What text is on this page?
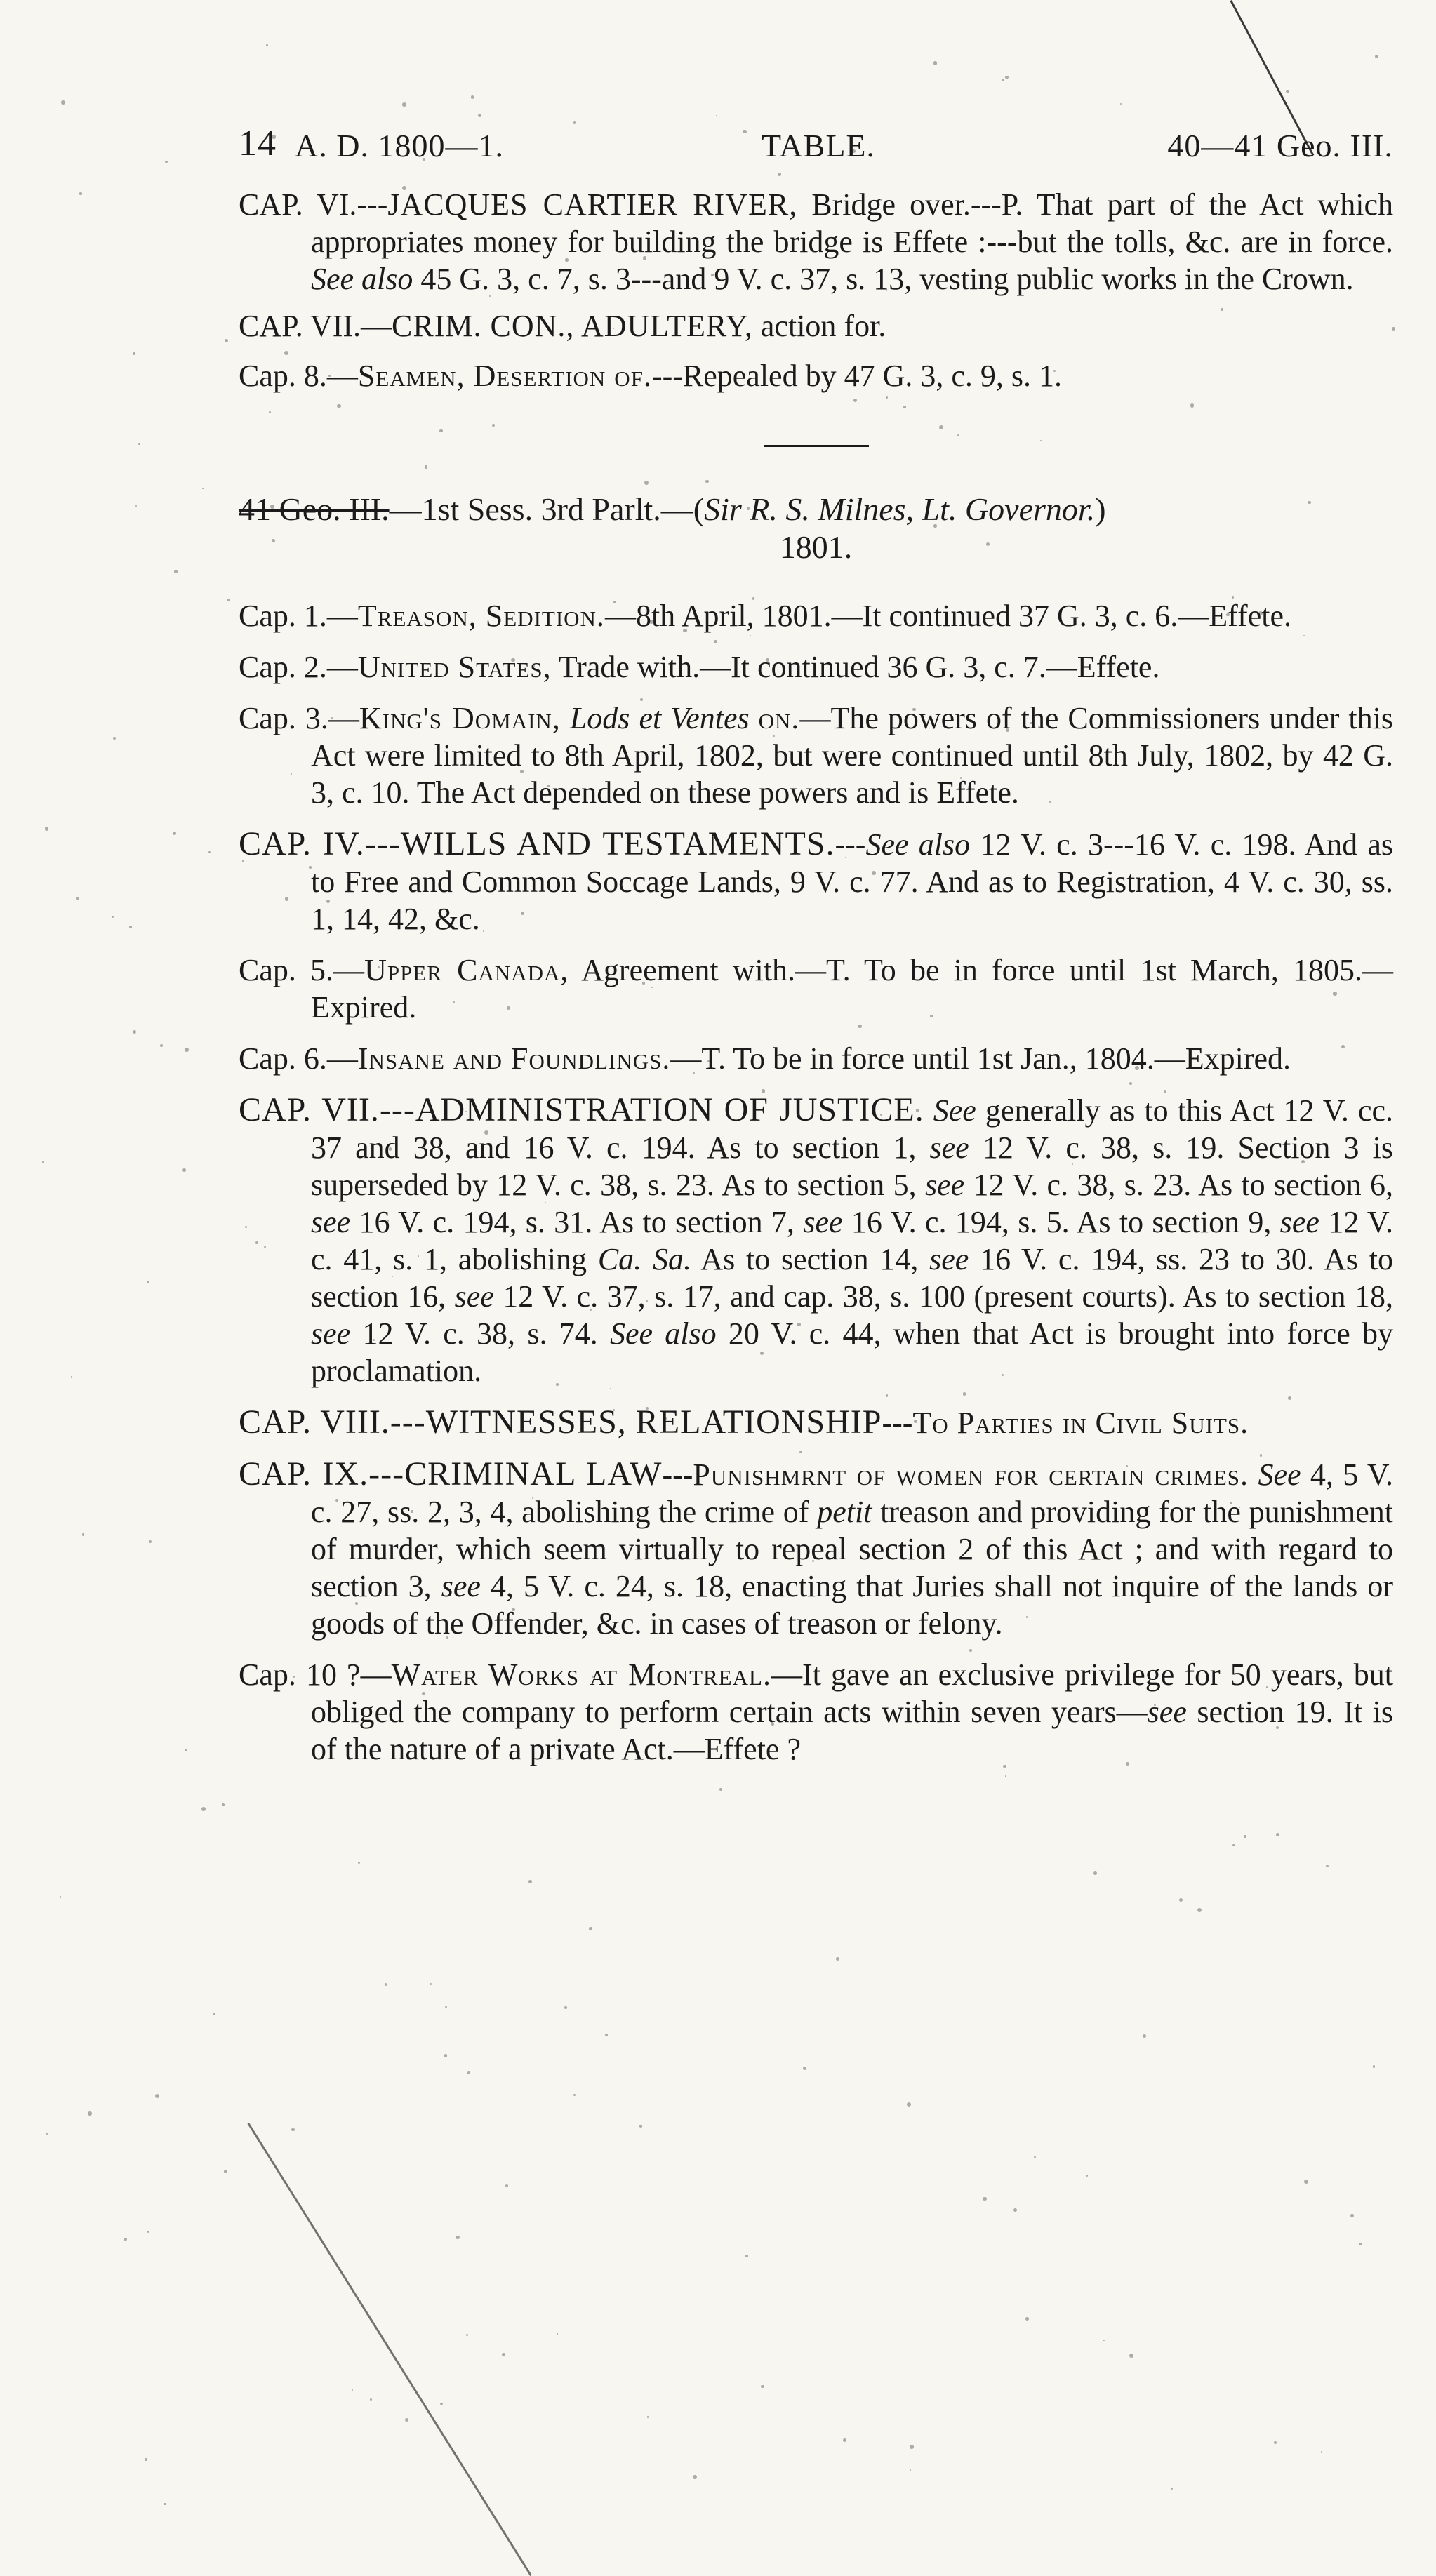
14 A. D. 1800—1.	TABLE.	40—41 Geo. III.

CAP. VI.---JACQUES CARTIER RIVER, Bridge over.---P. That part of the Act which appropriates money for building the bridge is Effete :---but the tolls, &c. are in force. See also 45 G. 3, c. 7, s. 3---and 9 V. c. 37, s. 13, vesting public works in the Crown.

CAP. VII.—CRIM. CON., ADULTERY, action for.

Cap. 8.—Seamen, Desertion of.---Repealed by 47 G. 3, c. 9, s. 1.

41 Geo. III.—1st Sess. 3rd Parlt.—(Sir R. S. Milnes, Lt. Governor.)
1801.

Cap. 1.—Treason, Sedition.—8th April, 1801.—It continued 37 G. 3, c. 6.—Effete.

Cap. 2.—United States, Trade with.—It continued 36 G. 3, c. 7.—Effete.

Cap. 3.—King's Domain, Lods et Ventes on.—The powers of the Commissioners under this Act were limited to 8th April, 1802, but were continued until 8th July, 1802, by 42 G. 3, c. 10. The Act depended on these powers and is Effete.

CAP. IV.---WILLS AND TESTAMENTS.---See also 12 V. c. 3---16 V. c. 198. And as to Free and Common Soccage Lands, 9 V. c. 77. And as to Registration, 4 V. c. 30, ss. 1, 14, 42, &c.

Cap. 5.—Upper Canada, Agreement with.—T. To be in force until 1st March, 1805.—Expired.

Cap. 6.—Insane and Foundlings.—T. To be in force until 1st Jan., 1804.—Expired.

CAP. VII.---ADMINISTRATION OF JUSTICE. See generally as to this Act 12 V. cc. 37 and 38, and 16 V. c. 194. As to section 1, see 12 V. c. 38, s. 19. Section 3 is superseded by 12 V. c. 38, s. 23. As to section 5, see 12 V. c. 38, s. 23. As to section 6, see 16 V. c. 194, s. 31. As to section 7, see 16 V. c. 194, s. 5. As to section 9, see 12 V. c. 41, s. 1, abolishing Ca. Sa. As to section 14, see 16 V. c. 194, ss. 23 to 30. As to section 16, see 12 V. c. 37, s. 17, and cap. 38, s. 100 (present courts). As to section 18, see 12 V. c. 38, s. 74. See also 20 V. c. 44, when that Act is brought into force by proclamation.

CAP. VIII.---WITNESSES, RELATIONSHIP---To Parties in Civil Suits.

CAP. IX.---CRIMINAL LAW---Punishmrnt of women for certain crimes. See 4, 5 V. c. 27, ss. 2, 3, 4, abolishing the crime of petit treason and providing for the punishment of murder, which seem virtually to repeal section 2 of this Act ; and with regard to section 3, see 4, 5 V. c. 24, s. 18, enacting that Juries shall not inquire of the lands or goods of the Offender, &c. in cases of treason or felony.

Cap. 10 ?—Water Works at Montreal.—It gave an exclusive privilege for 50 years, but obliged the company to perform certain acts within seven years—see section 19. It is of the nature of a private Act.—Effete ?
